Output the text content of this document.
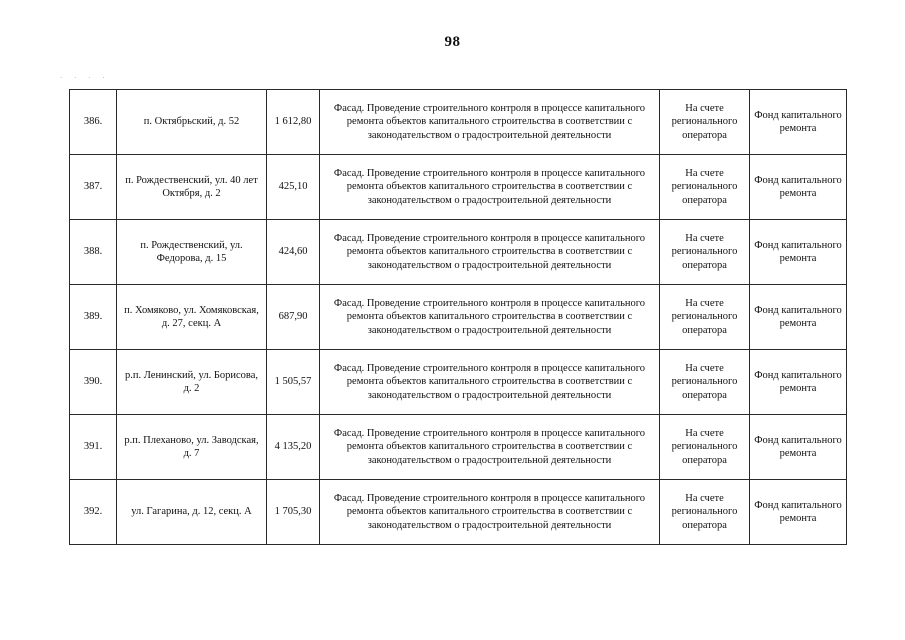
98
· · · ·
386.	п. Октябрьский, д. 52	1 612,80	Фасад. Проведение строительного контроля в процессе капитального ремонта объектов капитального строительства в соответствии с законодательством о градостроительной деятельности	На счете регионального оператора	Фонд капитального ремонта
387.	п. Рождественский, ул. 40 лет Октября, д. 2	425,10	Фасад. Проведение строительного контроля в процессе капитального ремонта объектов капитального строительства в соответствии с законодательством о градостроительной деятельности	На счете регионального оператора	Фонд капитального ремонта
388.	п. Рождественский, ул. Федорова, д. 15	424,60	Фасад. Проведение строительного контроля в процессе капитального ремонта объектов капитального строительства в соответствии с законодательством о градостроительной деятельности	На счете регионального оператора	Фонд капитального ремонта
389.	п. Хомяково, ул. Хомяковская, д. 27, секц. А	687,90	Фасад. Проведение строительного контроля в процессе капитального ремонта объектов капитального строительства в соответствии с законодательством о градостроительной деятельности	На счете регионального оператора	Фонд капитального ремонта
390.	р.п. Ленинский, ул. Борисова, д. 2	1 505,57	Фасад. Проведение строительного контроля в процессе капитального ремонта объектов капитального строительства в соответствии с законодательством о градостроительной деятельности	На счете регионального оператора	Фонд капитального ремонта
391.	р.п. Плеханово, ул. Заводская, д. 7	4 135,20	Фасад. Проведение строительного контроля в процессе капитального ремонта объектов капитального строительства в соответствии с законодательством о градостроительной деятельности	На счете регионального оператора	Фонд капитального ремонта
392.	ул. Гагарина, д. 12, секц. А	1 705,30	Фасад. Проведение строительного контроля в процессе капитального ремонта объектов капитального строительства в соответствии с законодательством о градостроительной деятельности	На счете регионального оператора	Фонд капитального ремонта
